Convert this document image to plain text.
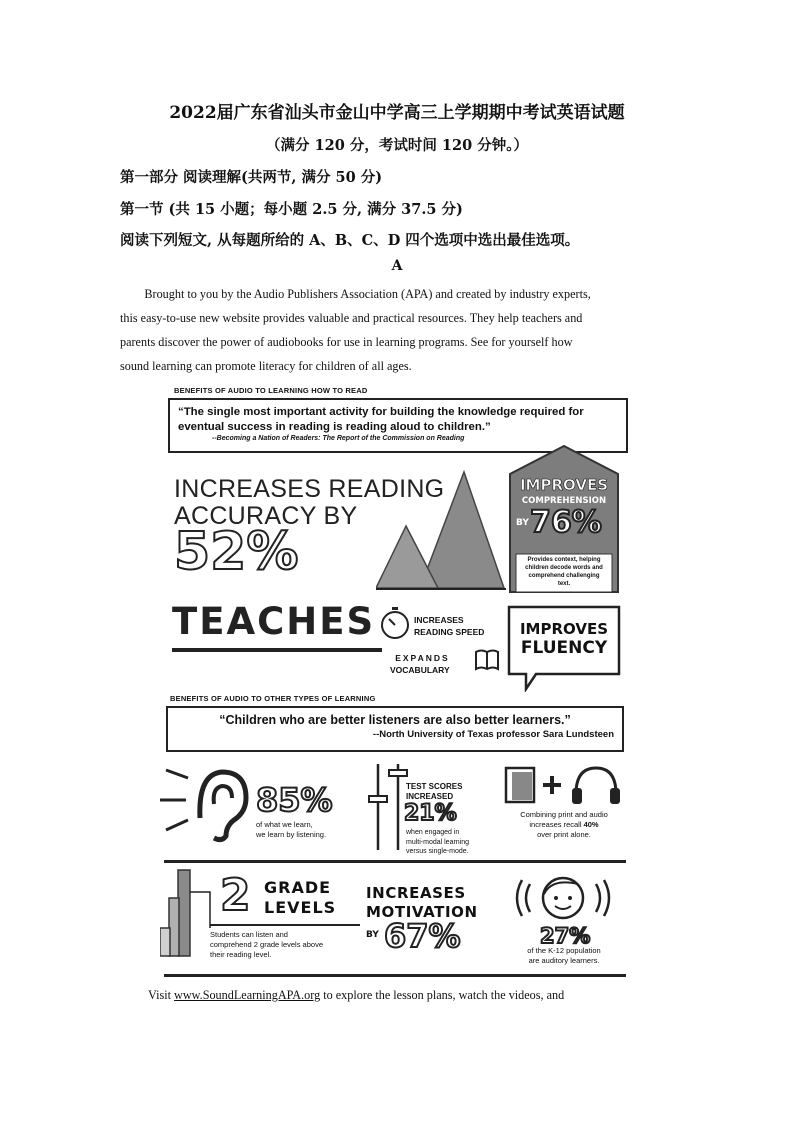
2022届广东省汕头市金山中学高三上学期期中考试英语试题
（满分 120 分，考试时间 120 分钟。）
第一部分 阅读理解(共两节, 满分 50 分)
第一节 (共 15 小题；每小题 2.5 分, 满分 37.5 分)
阅读下列短文, 从每题所给的 A、B、C、D 四个选项中选出最佳选项。
A

Brought to you by the Audio Publishers Association (APA) and created by industry experts,

this easy-to-use new website provides valuable and practical resources. They help teachers and

parents discover the power of audiobooks for use in learning programs. See for yourself how

sound learning can promote literacy for children of all ages.

BENEFITS OF AUDIO TO LEARNING HOW TO READ
“The single most important activity for building the knowledge required for
eventual success in reading is reading aloud to children.”
--Becoming a Nation of Readers: The Report of the Commission on Reading
INCREASES READING
ACCURACY BY
52%
IMPROVES
COMPREHENSION
BY 76%
Provides context, helping
children decode words and
comprehend challenging
text.
TEACHES	INCREASES
READING SPEED
EXPANDS
VOCABULARY
IMPROVES
FLUENCY
BENEFITS OF AUDIO TO OTHER TYPES OF LEARNING
“Children who are better listeners are also better learners.”
--North University of Texas professor Sara Lundsteen
85%
of what we learn,
we learn by listening.
TEST SCORES
INCREASED
21%
when engaged in
multi-modal learning
versus single-mode.
Combining print and audio
increases recall 40%
over print alone.
2 GRADE
LEVELS
Students can listen and
comprehend 2 grade levels above
their reading level.
INCREASES
MOTIVATION
BY 67%	27%
of the K-12 population
are auditory learners.
Visit www.SoundLearningAPA.org to explore the lesson plans, watch the videos, and
